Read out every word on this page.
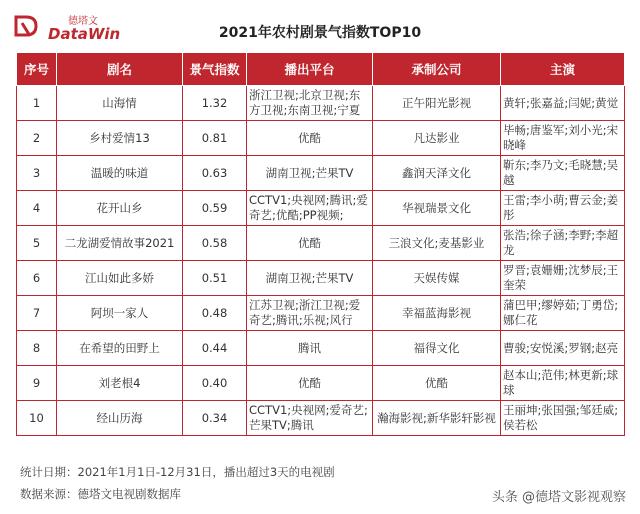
德塔文
DataWin	2021年农村剧景气指数TOP10
序号	剧名	景气指数	播出平台	承制公司	主演
1	山海情	1.32	浙江卫视;北京卫视;东方卫视;东南卫视;宁夏	正午阳光影视	黄轩;张嘉益;闫妮;黄觉
2	乡村爱情13	0.81	优酷	凡达影业	毕畅;唐鉴军;刘小光;宋晓峰
3	温暖的味道	0.63	湖南卫视;芒果TV	鑫润天泽文化	靳东;李乃文;毛晓慧;吴越
4	花开山乡	0.59	CCTV1;央视网;腾讯;爱奇艺;优酷;PP视频;	华视瑞景文化	王雷;李小萌;曹云金;姜彤
5	二龙湖爱情故事2021	0.58	优酷	三浪文化;麦基影业	张浩;徐子涵;李野;李超龙
6	江山如此多娇	0.51	湖南卫视;芒果TV	天娱传媒	罗晋;袁姗姗;沈梦辰;王奎荣
7	阿坝一家人	0.48	江苏卫视;浙江卫视;爱奇艺;腾讯;乐视;风行	幸福蓝海影视	蒲巴甲;缪婷茹;丁勇岱;娜仁花
8	在希望的田野上	0.44	腾讯	福得文化	曹骏;安悦溪;罗钢;赵亮
9	刘老根4	0.40	优酷	优酷	赵本山;范伟;林更新;球球
10	经山历海	0.34	CCTV1;央视网;爱奇艺;芒果TV;腾讯	瀚海影视;新华影轩影视	王丽坤;张国强;邹廷威;侯若松
统计日期：2021年1月1日-12月31日，播出超过3天的电视剧
数据来源：德塔文电视剧数据库	头条 @德塔文影视观察
